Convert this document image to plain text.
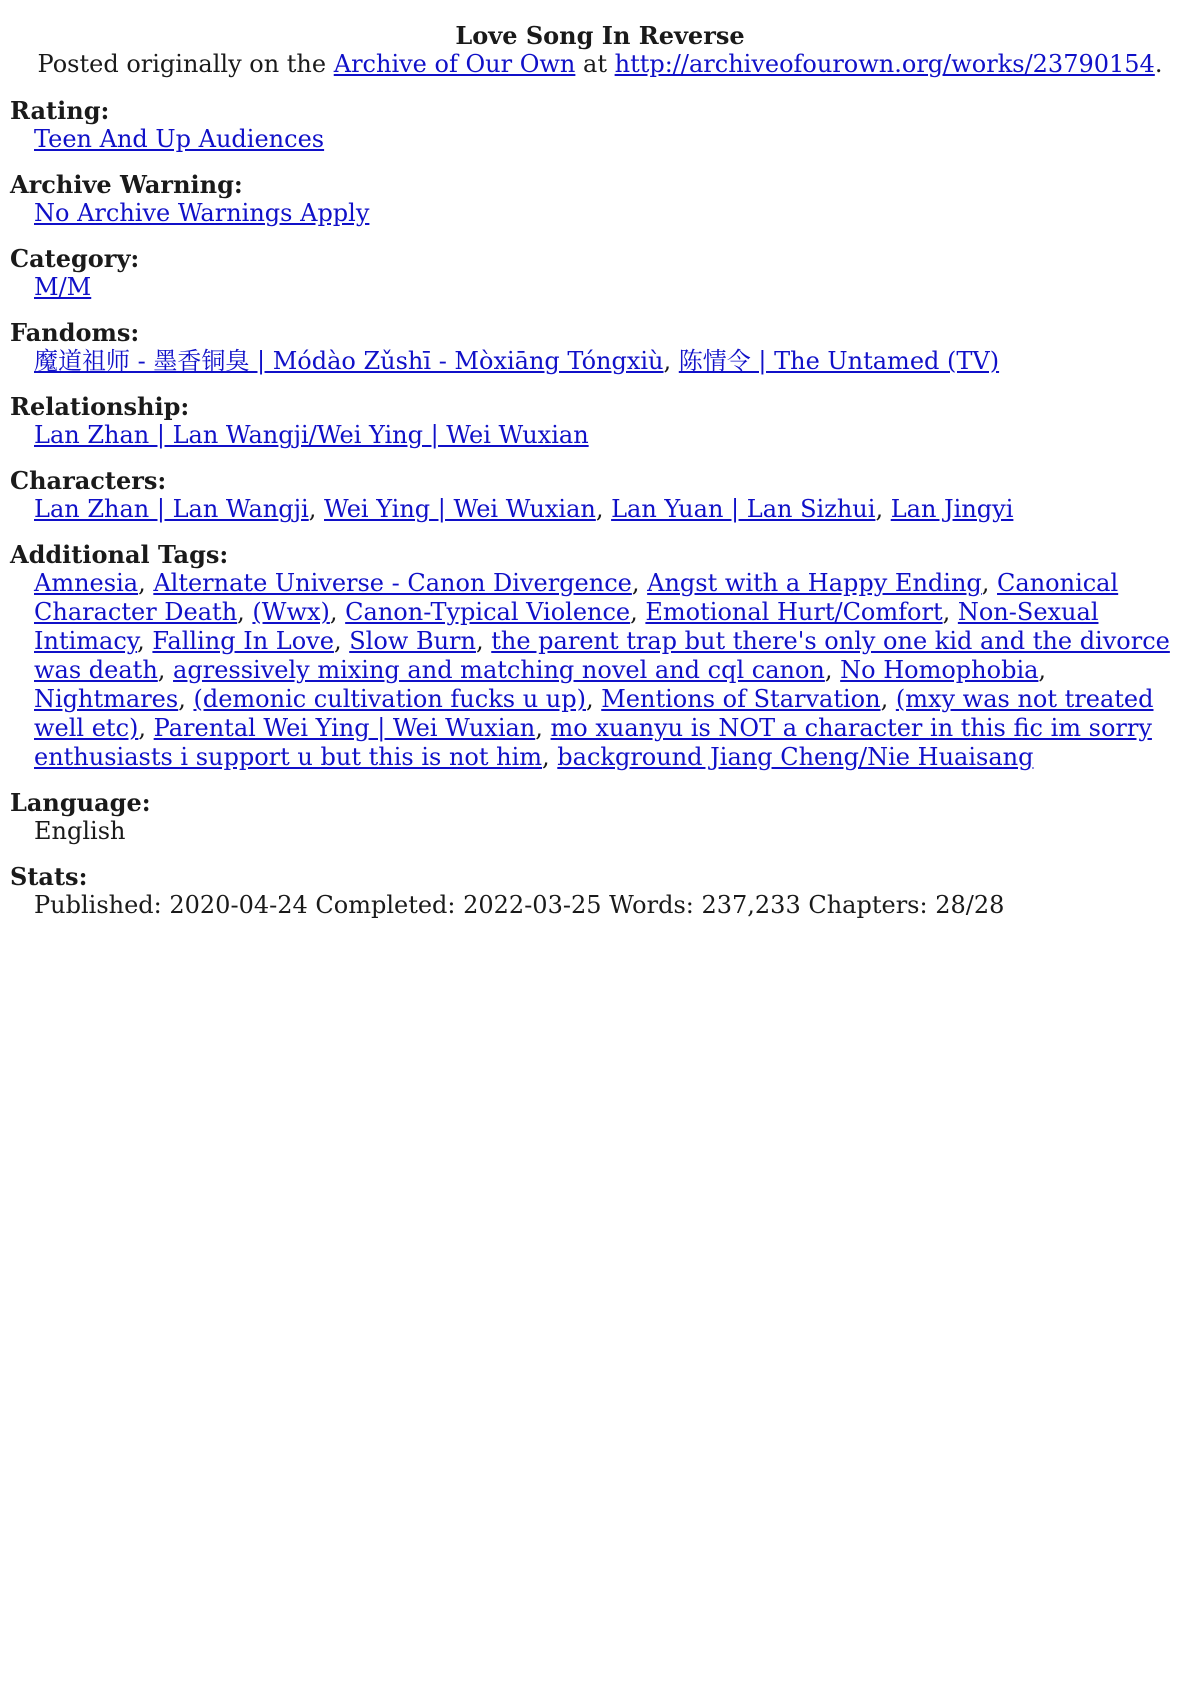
Love Song In Reverse
Posted originally on the Archive of Our Own at http://archiveofourown.org/works/23790154.
Rating:
Teen And Up Audiences
Archive Warning:
No Archive Warnings Apply
Category:
M/M
Fandoms:
魔道祖师 - 墨香铜臭 | Módào Zǔshī - Mòxiāng Tóngxiù, 陈情令 | The Untamed (TV)
Relationship:
Lan Zhan | Lan Wangji/Wei Ying | Wei Wuxian
Characters:
Lan Zhan | Lan Wangji, Wei Ying | Wei Wuxian, Lan Yuan | Lan Sizhui, Lan Jingyi
Additional Tags:
Amnesia, Alternate Universe - Canon Divergence, Angst with a Happy Ending, Canonical Character Death, (Wwx), Canon-Typical Violence, Emotional Hurt/Comfort, Non-Sexual Intimacy, Falling In Love, Slow Burn, the parent trap but there's only one kid and the divorce was death, agressively mixing and matching novel and cql canon, No Homophobia, Nightmares, (demonic cultivation fucks u up), Mentions of Starvation, (mxy was not treated well etc), Parental Wei Ying | Wei Wuxian, mo xuanyu is NOT a character in this fic im sorry enthusiasts i support u but this is not him, background Jiang Cheng/Nie Huaisang
Language:
English
Stats:
Published: 2020-04-24 Completed: 2022-03-25 Words: 237,233 Chapters: 28/28
